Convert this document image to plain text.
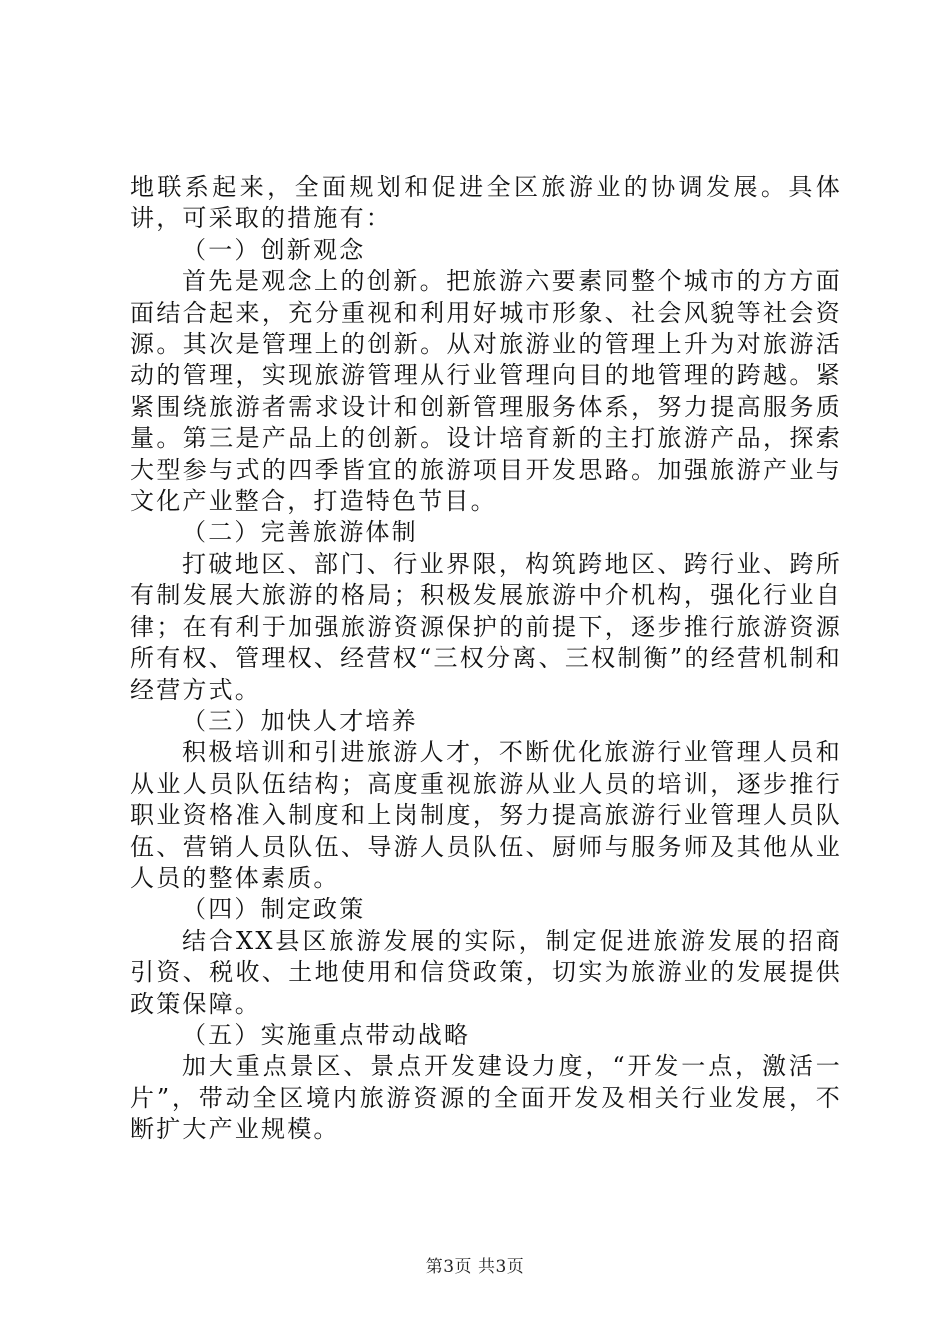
地联系起来，全面规划和促进全区旅游业的协调发展。具体讲，可采取的措施有：

（一）创新观念

首先是观念上的创新。把旅游六要素同整个城市的方方面面结合起来，充分重视和利用好城市形象、社会风貌等社会资源。其次是管理上的创新。从对旅游业的管理上升为对旅游活动的管理，实现旅游管理从行业管理向目的地管理的跨越。紧紧围绕旅游者需求设计和创新管理服务体系，努力提高服务质量。第三是产品上的创新。设计培育新的主打旅游产品，探索大型参与式的四季皆宜的旅游项目开发思路。加强旅游产业与文化产业整合，打造特色节目。

（二）完善旅游体制

打破地区、部门、行业界限，构筑跨地区、跨行业、跨所有制发展大旅游的格局；积极发展旅游中介机构，强化行业自律；在有利于加强旅游资源保护的前提下，逐步推行旅游资源所有权、管理权、经营权“三权分离、三权制衡”的经营机制和经营方式。

（三）加快人才培养

积极培训和引进旅游人才，不断优化旅游行业管理人员和从业人员队伍结构；高度重视旅游从业人员的培训，逐步推行职业资格准入制度和上岗制度，努力提高旅游行业管理人员队伍、营销人员队伍、导游人员队伍、厨师与服务师及其他从业人员的整体素质。

（四）制定政策

结合XX县区旅游发展的实际，制定促进旅游发展的招商引资、税收、土地使用和信贷政策，切实为旅游业的发展提供政策保障。

（五）实施重点带动战略

加大重点景区、景点开发建设力度，“开发一点，激活一片”，带动全区境内旅游资源的全面开发及相关行业发展，不断扩大产业规模。

第3页 共3页
